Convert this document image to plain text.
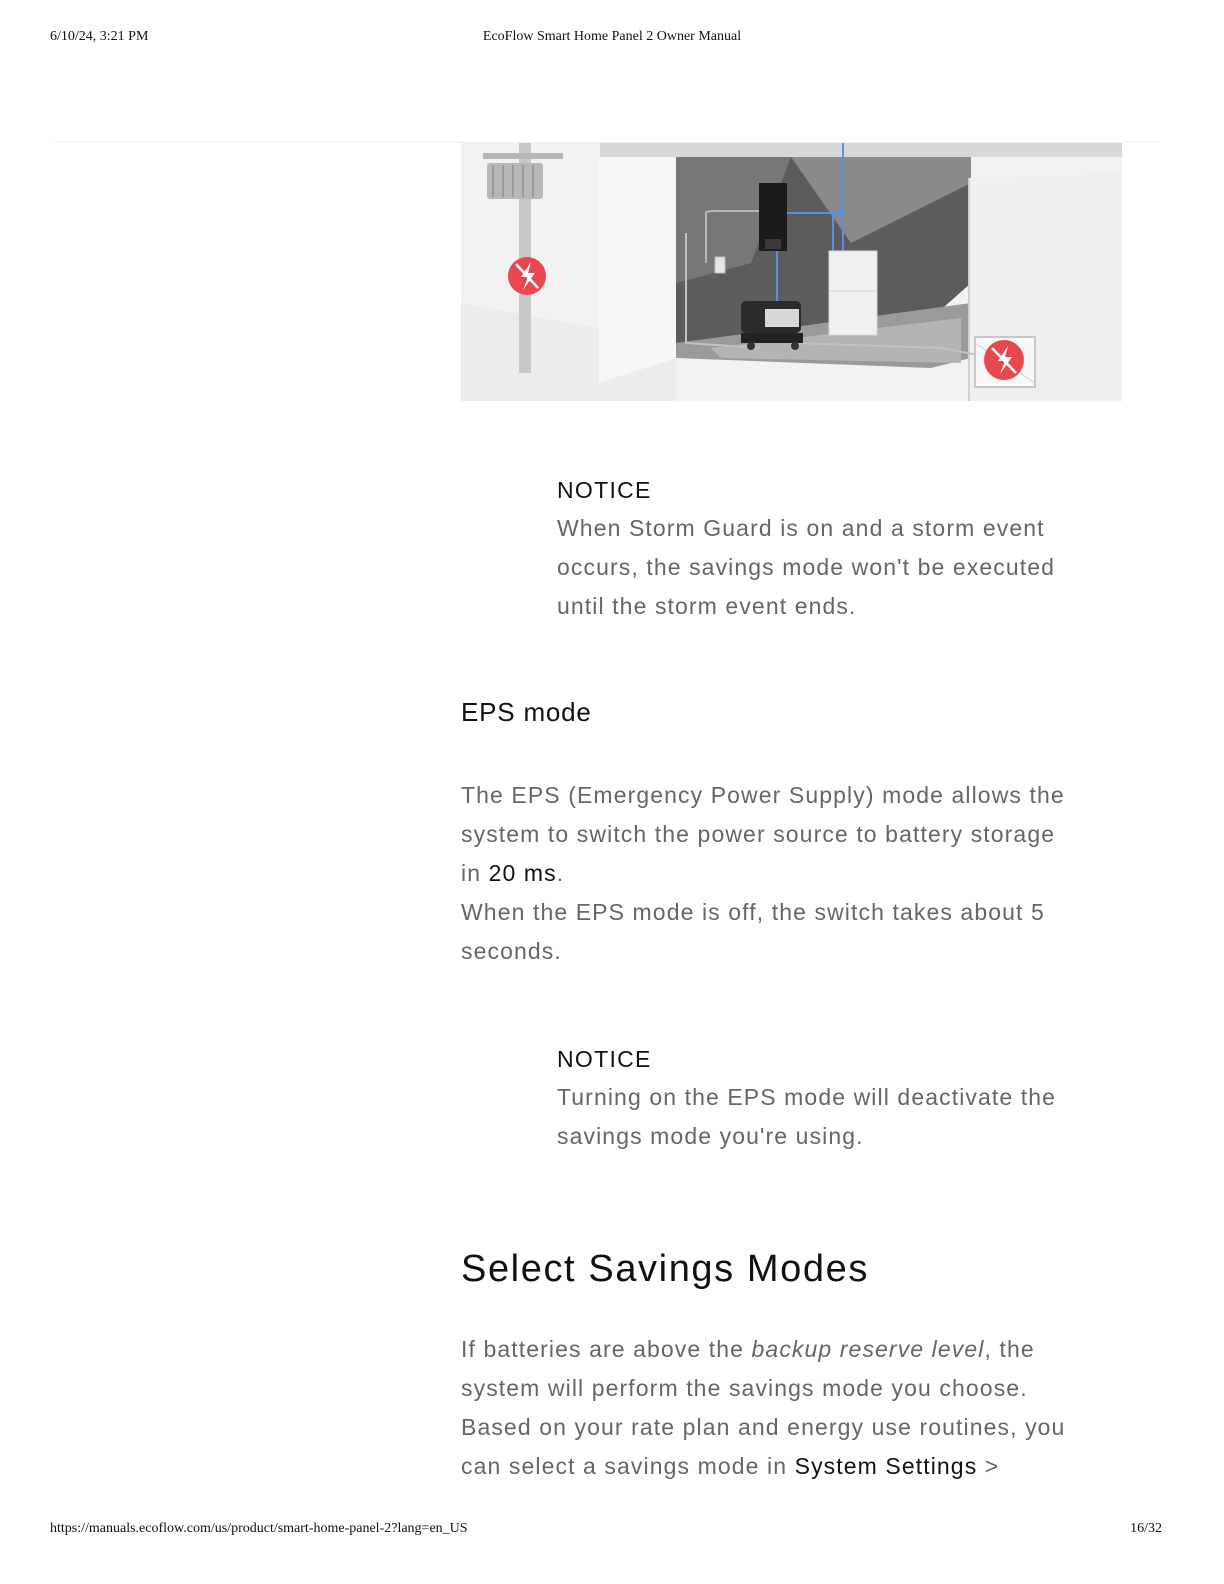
6/10/24, 3:21 PM	EcoFlow Smart Home Panel 2 Owner Manual
NOTICE
When Storm Guard is on and a storm event
occurs, the savings mode won't be executed
until the storm event ends.
EPS mode
The EPS (Emergency Power Supply) mode allows the
system to switch the power source to battery storage
in 20 ms.
When the EPS mode is off, the switch takes about 5
seconds.
NOTICE
Turning on the EPS mode will deactivate the
savings mode you're using.
Select Savings Modes
If batteries are above the backup reserve level, the
system will perform the savings mode you choose.
Based on your rate plan and energy use routines, you
can select a savings mode in System Settings >
https://manuals.ecoflow.com/us/product/smart-home-panel-2?lang=en_US	16/32
